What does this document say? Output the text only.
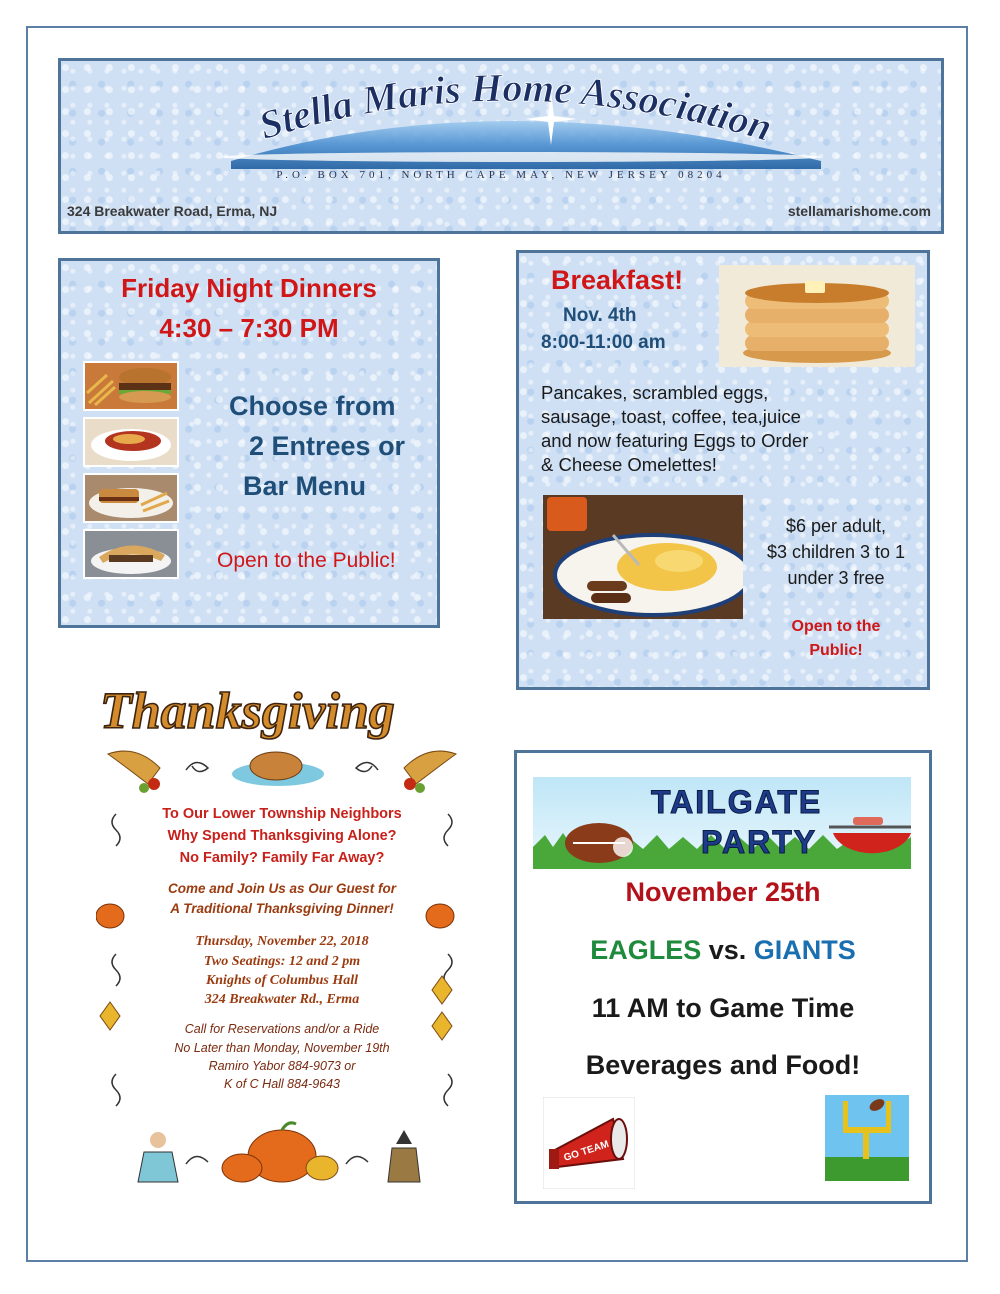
Stella Maris Home Association
P.O. BOX 701, NORTH CAPE MAY, NEW JERSEY 08204
324 Breakwater Road, Erma, NJ	stellamarishome.com
Friday Night Dinners
4:30 – 7:30 PM
Choose from
2 Entrees or
Bar Menu
Open to the Public!
Breakfast!
Nov. 4th
8:00-11:00 am
Pancakes, scrambled eggs,
sausage, toast, coffee, tea,juice
and now featuring Eggs to Order
& Cheese Omelettes!
$6 per adult,
$3 children 3 to 1
under 3 free
Open to the
Public!
Thanksgiving
To Our Lower Township Neighbors
Why Spend Thanksgiving Alone?
No Family? Family Far Away?
Come and Join Us as Our Guest for
A Traditional Thanksgiving Dinner!
Thursday, November 22, 2018
Two Seatings: 12 and 2 pm
Knights of Columbus Hall
324 Breakwater Rd., Erma
Call for Reservations and/or a Ride
No Later than Monday, November 19th
Ramiro Yabor 884-9073 or
K of C Hall 884-9643
TAILGATE
PARTY
November 25th
EAGLES vs. GIANTS
11 AM to Game Time
Beverages and Food!
GO TEAM
